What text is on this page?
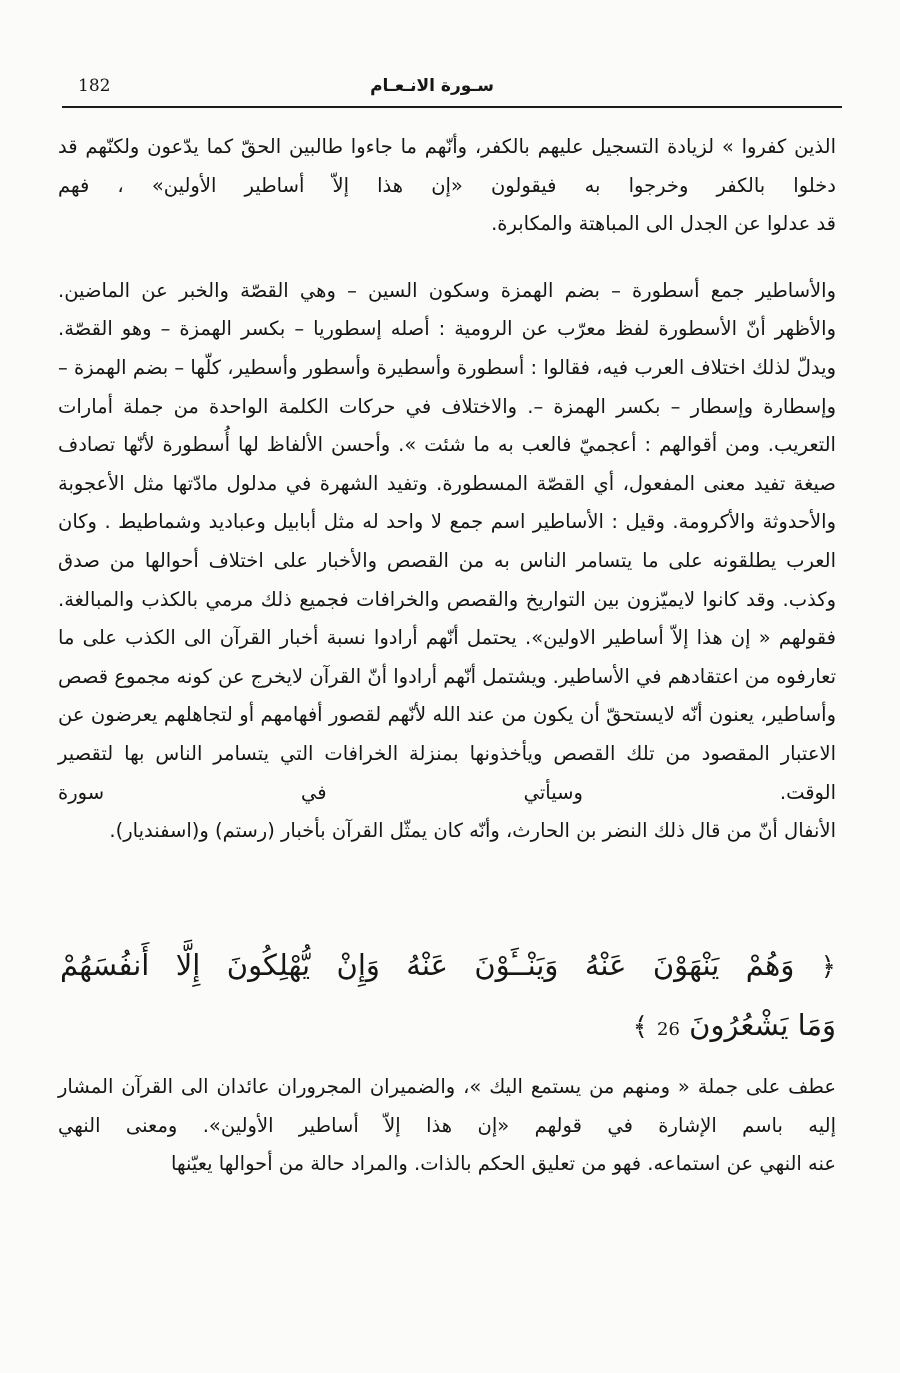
182	سـورة الانـعـام

الذين كفروا » لزيادة التسجيل عليهم بالكفر، وأنّهم ما جاءوا طالبين الحقّ كما يدّعون ولكنّهم قد دخلوا بالكفر وخرجوا به فيقولون «إن هذا إلاّ أساطير الأولين» ، فهم
قد عدلوا عن الجدل الى المباهتة والمكابرة.

والأساطير جمع أسطورة – بضم الهمزة وسكون السين – وهي القصّة والخبر عن الماضين. والأظهر أنّ الأسطورة لفظ معرّب عن الرومية : أصله إسطوريا – بكسر الهمزة – وهو القصّة. ويدلّ لذلك اختلاف العرب فيه، فقالوا : أسطورة وأسطيرة وأسطور وأسطير، كلّها – بضم الهمزة – وإسطارة وإسطار – بكسر الهمزة –. والاختلاف في حركات الكلمة الواحدة من جملة أمارات التعريب. ومن أقوالهم : أعجميّ فالعب به ما شئت ». وأحسن الألفاظ لها أُسطورة لأنّها تصادف صيغة تفيد معنى المفعول، أي القصّة المسطورة. وتفيد الشهرة في مدلول مادّتها مثل الأعجوبة والأحدوثة والأكرومة. وقيل : الأساطير اسم جمع لا واحد له مثل أبابيل وعباديد وشماطيط . وكان العرب يطلقونه على ما يتسامر الناس به من القصص والأخبار على اختلاف أحوالها من صدق وكذب. وقد كانوا لايميّزون بين التواريخ والقصص والخرافات فجميع ذلك مرمي بالكذب والمبالغة. فقولهم « إن هذا إلاّ أساطير الاولين». يحتمل أنّهم أرادوا نسبة أخبار القرآن الى الكذب على ما تعارفوه من اعتقادهم في الأساطير. ويشتمل أنّهم أرادوا أنّ القرآن لايخرج عن كونه مجموع قصص وأساطير، يعنون أنّه لايستحقّ أن يكون من عند الله لأنّهم لقصور أفهامهم أو لتجاهلهم يعرضون عن الاعتبار المقصود من تلك القصص ويأخذونها بمنزلة الخرافات التي يتسامر الناس بها لتقصير الوقت. وسيأتي في سورة
الأنفال أنّ من قال ذلك النضر بن الحارث، وأنّه كان يمثّل القرآن بأخبار (رستم) و(اسفنديار).

﴿ وَهُمْ يَنْهَوْنَ عَنْهُ وَيَنْــَٔوْنَ عَنْهُ وَإِنْ يُّهْلِكُونَ إِلَّا أَنفُسَهُمْ
وَمَا يَشْعُرُونَ 26 ﴾

عطف على جملة « ومنهم من يستمع اليك »، والضميران المجروران عائدان الى القرآن المشار إليه باسم الإشارة في قولهم «إن هذا إلاّ أساطير الأولين». ومعنى النهي
عنه النهي عن استماعه. فهو من تعليق الحكم بالذات. والمراد حالة من أحوالها يعيّنها
